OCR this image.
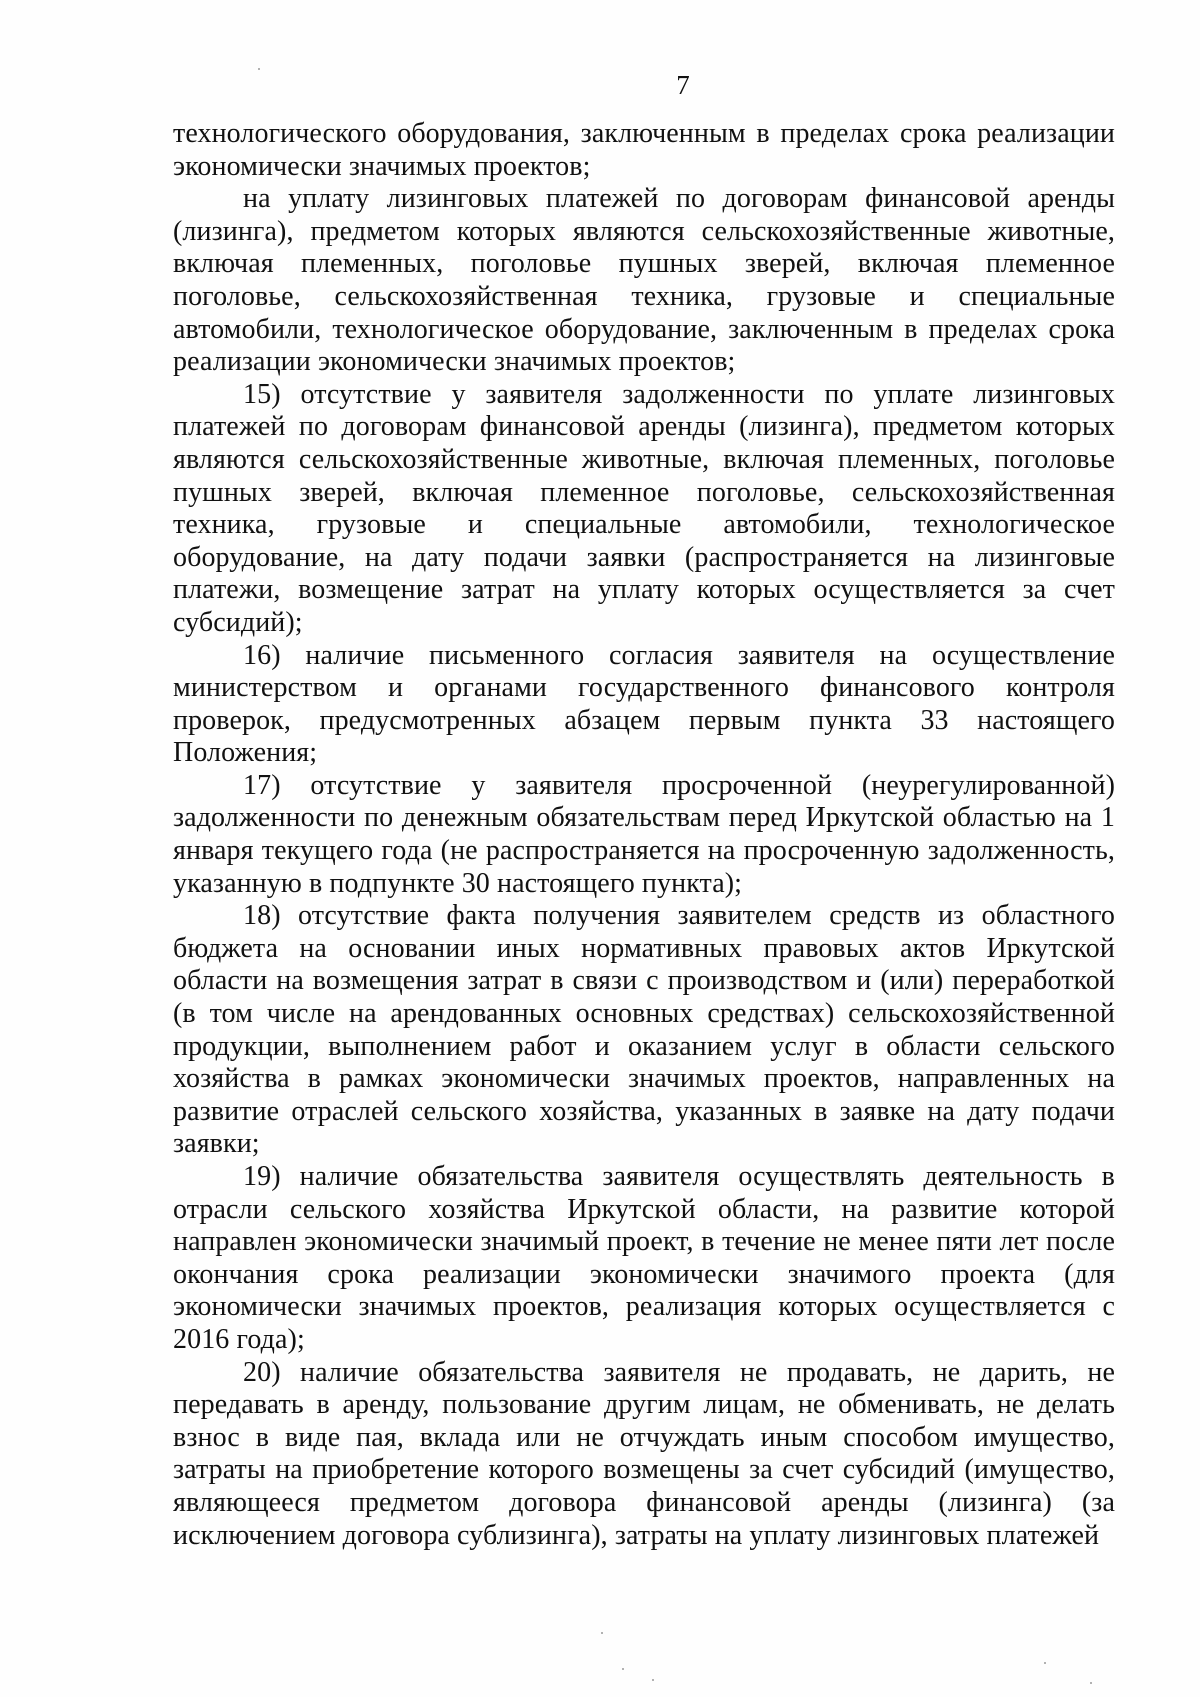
7

технологического оборудования, заключенным в пределах срока реализации экономически значимых проектов;

на уплату лизинговых платежей по договорам финансовой аренды (лизинга), предметом которых являются сельскохозяйственные животные, включая племенных, поголовье пушных зверей, включая племенное поголовье, сельскохозяйственная техника, грузовые и специальные автомобили, технологическое оборудование, заключенным в пределах срока реализации экономически значимых проектов;

15) отсутствие у заявителя задолженности по уплате лизинговых платежей по договорам финансовой аренды (лизинга), предметом которых являются сельскохозяйственные животные, включая племенных, поголовье пушных зверей, включая племенное поголовье, сельскохозяйственная техника, грузовые и специальные автомобили, технологическое оборудование, на дату подачи заявки (распространяется на лизинговые платежи, возмещение затрат на уплату которых осуществляется за счет субсидий);

16) наличие письменного согласия заявителя на осуществление министерством и органами государственного финансового контроля проверок, предусмотренных абзацем первым пункта 33 настоящего Положения;

17) отсутствие у заявителя просроченной (неурегулированной) задолженности по денежным обязательствам перед Иркутской областью на 1 января текущего года (не распространяется на просроченную задолженность, указанную в подпункте 30 настоящего пункта);

18) отсутствие факта получения заявителем средств из областного бюджета на основании иных нормативных правовых актов Иркутской области на возмещения затрат в связи с производством и (или) переработкой (в том числе на арендованных основных средствах) сельскохозяйственной продукции, выполнением работ и оказанием услуг в области сельского хозяйства в рамках экономически значимых проектов, направленных на развитие отраслей сельского хозяйства, указанных в заявке на дату подачи заявки;

19) наличие обязательства заявителя осуществлять деятельность в отрасли сельского хозяйства Иркутской области, на развитие которой направлен экономически значимый проект, в течение не менее пяти лет после окончания срока реализации экономически значимого проекта (для экономически значимых проектов, реализация которых осуществляется с 2016 года);

20) наличие обязательства заявителя не продавать, не дарить, не передавать в аренду, пользование другим лицам, не обменивать, не делать взнос в виде пая, вклада или не отчуждать иным способом имущество, затраты на приобретение которого возмещены за счет субсидий (имущество, являющееся предметом договора финансовой аренды (лизинга) (за исключением договора сублизинга), затраты на уплату лизинговых платежей
